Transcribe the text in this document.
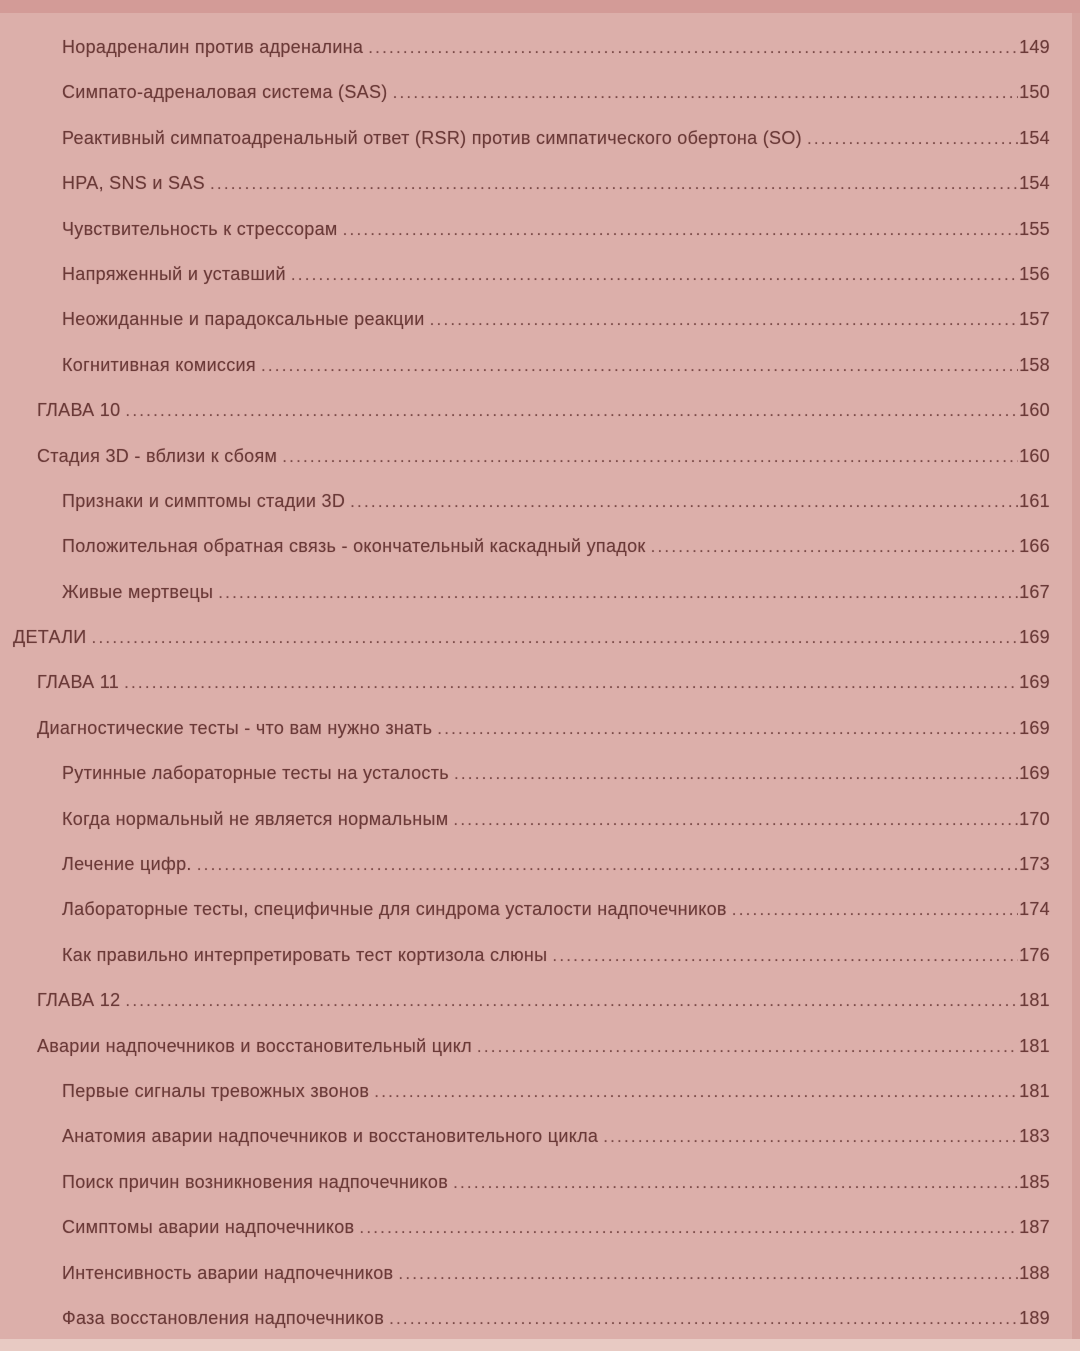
Норадреналин против адреналина .....	149
Симпато-адреналовая система (SAS) .....	150
Реактивный симпатоадренальный ответ (RSR) против симпатического обертона (SO) .....	154
HPA, SNS и SAS .....	154
Чувствительность к стрессорам .....	155
Напряженный и уставший .....	156
Неожиданные и парадоксальные реакции .....	157
Когнитивная комиссия .....	158
ГЛАВА 10 .....	160
Стадия 3D - вблизи к сбоям .....	160
Признаки и симптомы стадии 3D .....	161
Положительная обратная связь - окончательный каскадный упадок .....	166
Живые мертвецы .....	167
ДЕТАЛИ .....	169
ГЛАВА 11 .....	169
Диагностические тесты - что вам нужно знать .....	169
Рутинные лабораторные тесты на усталость .....	169
Когда нормальный не является нормальным .....	170
Лечение цифр. .....	173
Лабораторные тесты, специфичные для синдрома усталости надпочечников .....	174
Как правильно интерпретировать тест кортизола слюны .....	176
ГЛАВА 12 .....	181
Аварии надпочечников и восстановительный цикл .....	181
Первые сигналы тревожных звонов .....	181
Анатомия аварии надпочечников и восстановительного цикла .....	183
Поиск причин возникновения надпочечников .....	185
Симптомы аварии надпочечников .....	187
Интенсивность аварии надпочечников .....	188
Фаза восстановления надпочечников .....	189
